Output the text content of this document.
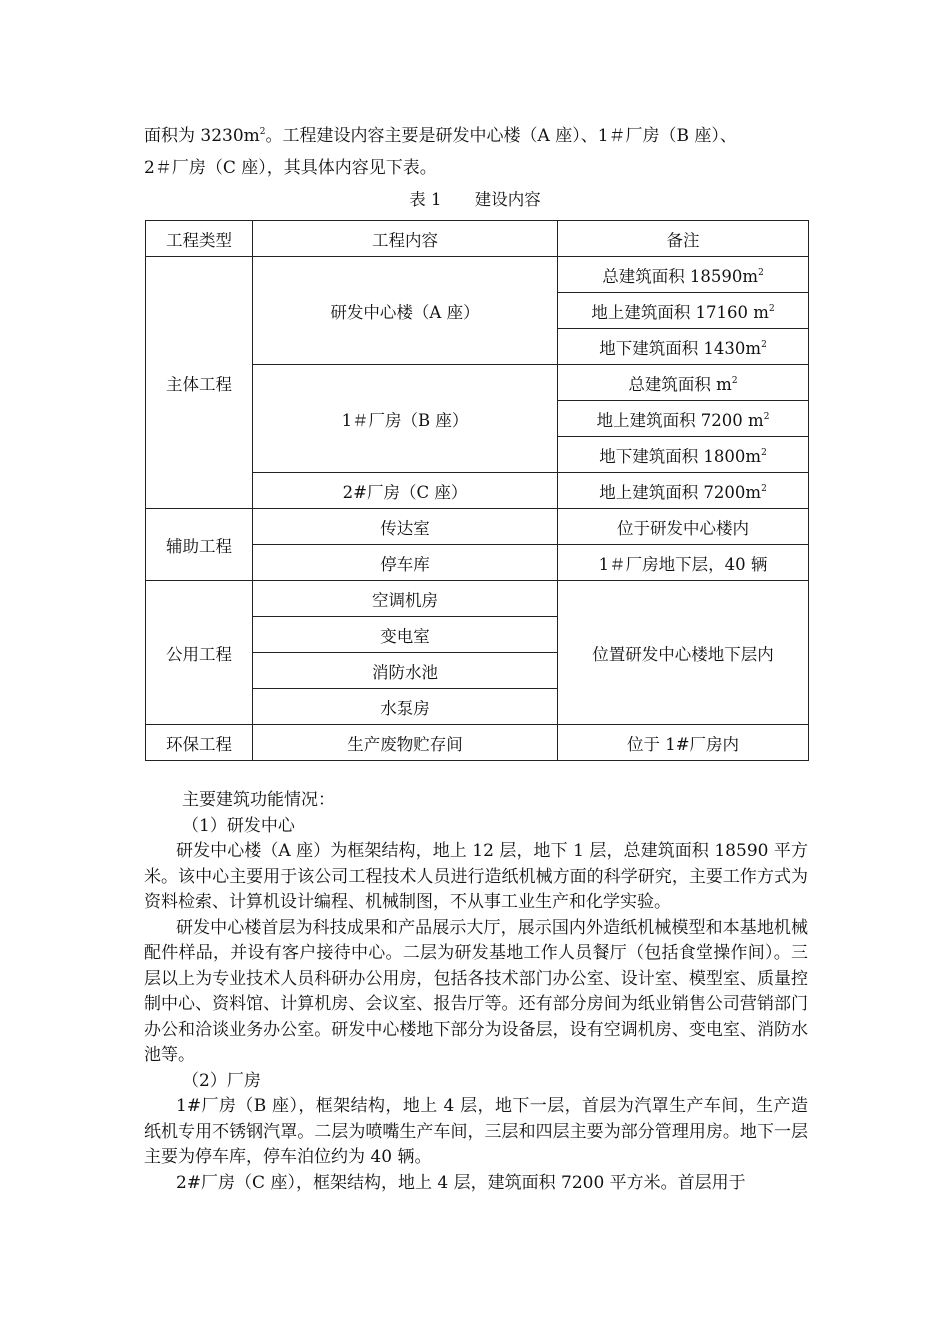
面积为 $3230m^2$。工程建设内容主要是研发中心楼（A 座）、1＃厂房（B 座）、

2＃厂房（C 座），其具体内容见下表。

表 1 建设内容
工程类型	工程内容	备注
主体工程	研发中心楼（A 座）	总建筑面积 $18590m^2$
		地上建筑面积 17160 $m^2$
		地下建筑面积 $1430m^2$
	1＃厂房（B 座）	总建筑面积 $m^2$
		地上建筑面积 7200 $m^2$
		地下建筑面积 $1800m^2$
	2#厂房（C 座）	地上建筑面积 $7200m^2$
辅助工程	传达室	位于研发中心楼内
	停车库	1＃厂房地下层，40 辆
公用工程	空调机房	位置研发中心楼地下层内
	变电室	
	消防水池	
	水泵房	
环保工程	生产废物贮存间	位于 1#厂房内

主要建筑功能情况：

（1）研发中心

研发中心楼（A 座）为框架结构，地上 12 层，地下 1 层，总建筑面积 18590 平方米。该中心主要用于该公司工程技术人员进行造纸机械方面的科学研究，主要工作方式为资料检索、计算机设计编程、机械制图，不从事工业生产和化学实验。

研发中心楼首层为科技成果和产品展示大厅，展示国内外造纸机械模型和本基地机械配件样品，并设有客户接待中心。二层为研发基地工作人员餐厅（包括食堂操作间）。三层以上为专业技术人员科研办公用房，包括各技术部门办公室、设计室、模型室、质量控制中心、资料馆、计算机房、会议室、报告厅等。还有部分房间为纸业销售公司营销部门办公和洽谈业务办公室。研发中心楼地下部分为设备层，设有空调机房、变电室、消防水池等。

（2）厂房

1#厂房（B 座），框架结构，地上 4 层，地下一层，首层为汽罩生产车间，生产造纸机专用不锈钢汽罩。二层为喷嘴生产车间，三层和四层主要为部分管理用房。地下一层主要为停车库，停车泊位约为 40 辆。

2#厂房（C 座），框架结构，地上 4 层，建筑面积 7200 平方米。首层用于
